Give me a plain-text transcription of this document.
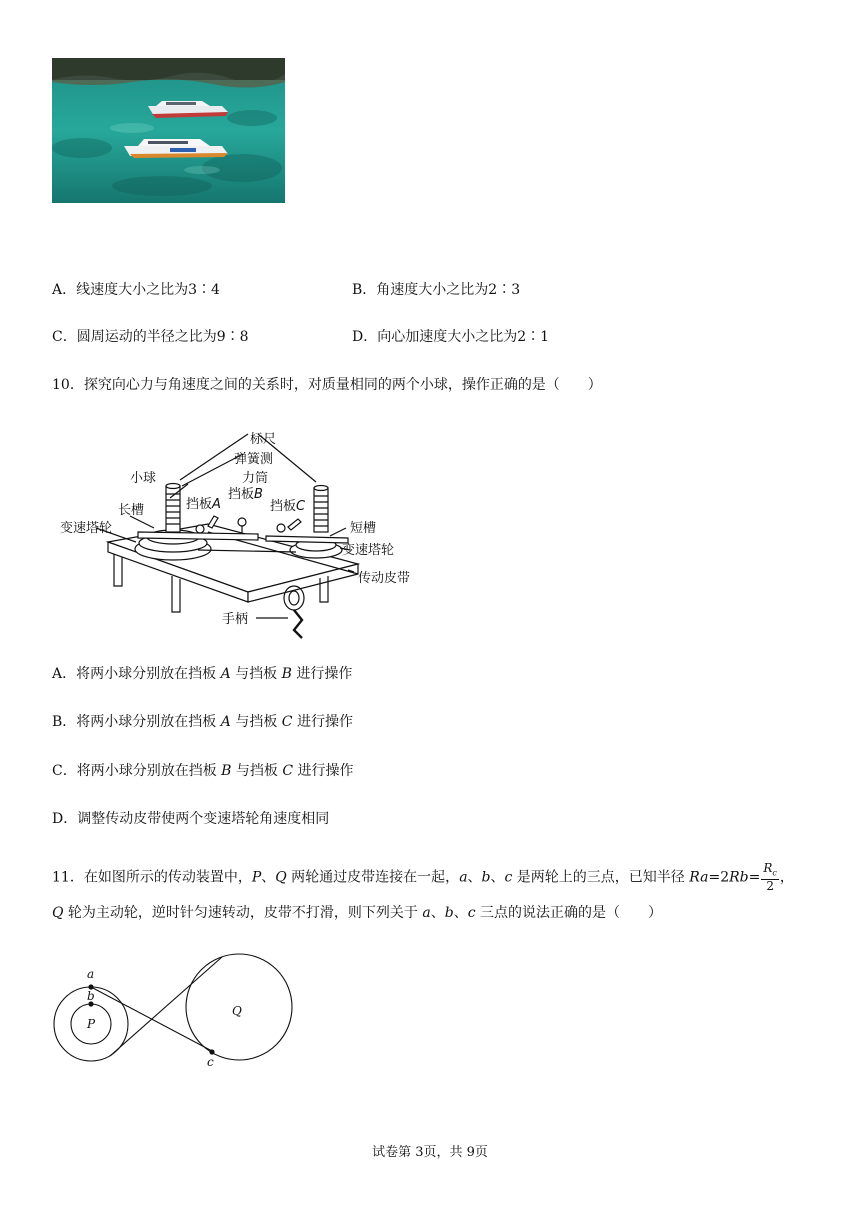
A．线速度大小之比为3∶4	B．角速度大小之比为2∶3
C．圆周运动的半径之比为9∶8	D．向心加速度大小之比为2∶1
10．探究向心力与角速度之间的关系时，对质量相同的两个小球，操作正确的是（　　）
标尺
弹簧测
力筒
小球
挡板A
挡板B
挡板C
长槽
变速塔轮	短槽
变速塔轮
传动皮带
手柄
A．将两小球分别放在挡板 A 与挡板 B 进行操作
B．将两小球分别放在挡板 A 与挡板 C 进行操作
C．将两小球分别放在挡板 B 与挡板 C 进行操作
D．调整传动皮带使两个变速塔轮角速度相同
11．在如图所示的传动装置中，P、Q 两轮通过皮带连接在一起，a、b、c 是两轮上的三点，已知半径 $Ra=2Rb= \frac{R_c}{2}$ ，
Q 轮为主动轮，逆时针匀速转动，皮带不打滑，则下列关于 a、b、c 三点的说法正确的是（　　）
a
b
P
Q
c
试卷第 3页，共 9页
